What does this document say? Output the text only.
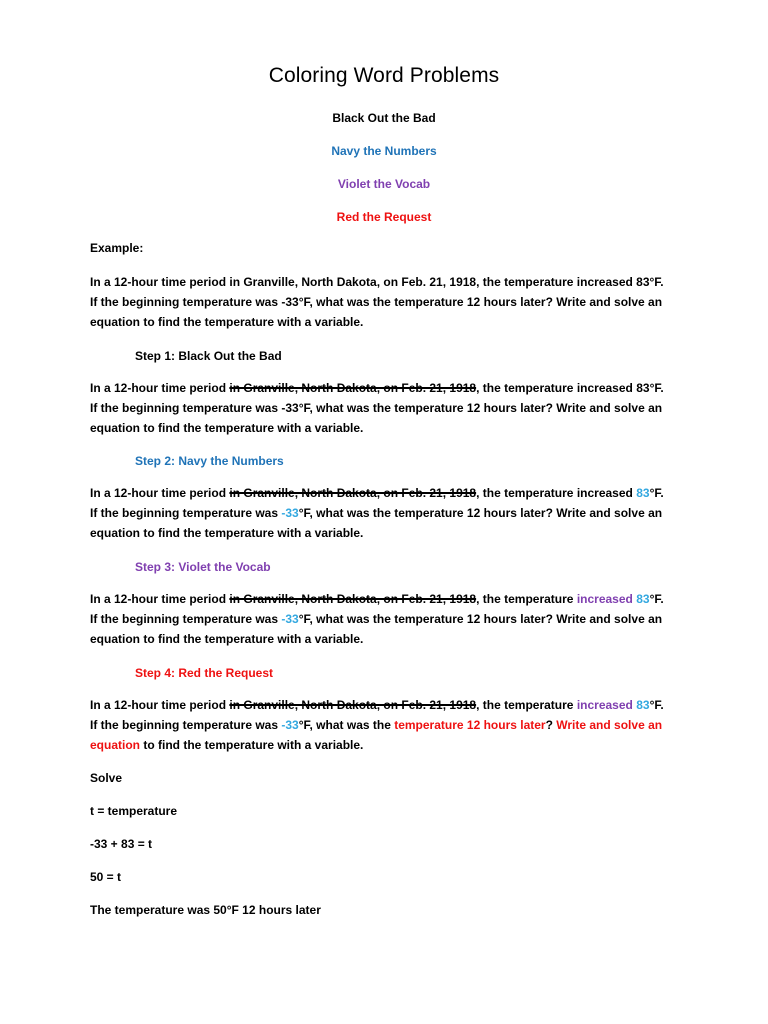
Coloring Word Problems

Black Out the Bad

Navy the Numbers

Violet the Vocab

Red the Request

Example:

In a 12-hour time period in Granville, North Dakota, on Feb. 21, 1918, the temperature increased 83°F.
If the beginning temperature was -33°F, what was the temperature 12 hours later? Write and solve an
equation to find the temperature with a variable.

Step 1: Black Out the Bad

In a 12-hour time period in Granville, North Dakota, on Feb. 21, 1918, the temperature increased 83°F.
If the beginning temperature was -33°F, what was the temperature 12 hours later? Write and solve an
equation to find the temperature with a variable.

Step 2: Navy the Numbers

In a 12-hour time period in Granville, North Dakota, on Feb. 21, 1918, the temperature increased 83°F.
If the beginning temperature was -33°F, what was the temperature 12 hours later? Write and solve an
equation to find the temperature with a variable.

Step 3: Violet the Vocab

In a 12-hour time period in Granville, North Dakota, on Feb. 21, 1918, the temperature increased 83°F.
If the beginning temperature was -33°F, what was the temperature 12 hours later? Write and solve an
equation to find the temperature with a variable.

Step 4: Red the Request

In a 12-hour time period in Granville, North Dakota, on Feb. 21, 1918, the temperature increased 83°F.
If the beginning temperature was -33°F, what was the temperature 12 hours later? Write and solve an
equation to find the temperature with a variable.

Solve

t = temperature

-33 + 83 = t

50 = t

The temperature was 50°F 12 hours later
